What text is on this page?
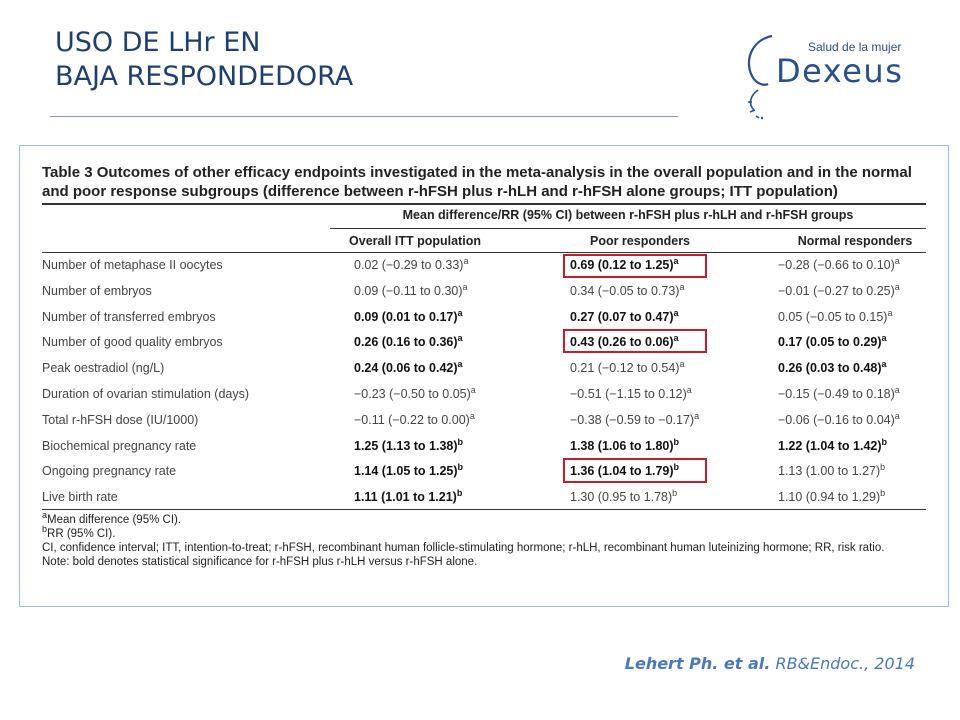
USO DE LHr EN
BAJA RESPONDEDORA
Salud de la mujer
Dexeus
Table 3 Outcomes of other efficacy endpoints investigated in the meta-analysis in the overall population and in the normal and poor response subgroups (difference between r-hFSH plus r-hLH and r-hFSH alone groups; ITT population)
Mean difference/RR (95% CI) between r-hFSH plus r-hLH and r-hFSH groups
Overall ITT population	Poor responders	Normal responders
Number of metaphase II oocytes	0.02 (−0.29 to 0.33)$^a$	0.69 (0.12 to 1.25)$^a$	−0.28 (−0.66 to 0.10)$^a$
Number of embryos	0.09 (−0.11 to 0.30)$^a$	0.34 (−0.05 to 0.73)$^a$	−0.01 (−0.27 to 0.25)$^a$
Number of transferred embryos	0.09 (0.01 to 0.17)$^a$	0.27 (0.07 to 0.47)$^a$	0.05 (−0.05 to 0.15)$^a$
Number of good quality embryos	0.26 (0.16 to 0.36)$^a$	0.43 (0.26 to 0.06)$^a$	0.17 (0.05 to 0.29)$^a$
Peak oestradiol (ng/L)	0.24 (0.06 to 0.42)$^a$	0.21 (−0.12 to 0.54)$^a$	0.26 (0.03 to 0.48)$^a$
Duration of ovarian stimulation (days)	−0.23 (−0.50 to 0.05)$^a$	−0.51 (−1.15 to 0.12)$^a$	−0.15 (−0.49 to 0.18)$^a$
Total r-hFSH dose (IU/1000)	−0.11 (−0.22 to 0.00)$^a$	−0.38 (−0.59 to −0.17)$^a$	−0.06 (−0.16 to 0.04)$^a$
Biochemical pregnancy rate	1.25 (1.13 to 1.38)$^b$	1.38 (1.06 to 1.80)$^b$	1.22 (1.04 to 1.42)$^b$
Ongoing pregnancy rate	1.14 (1.05 to 1.25)$^b$	1.36 (1.04 to 1.79)$^b$	1.13 (1.00 to 1.27)$^b$
Live birth rate	1.11 (1.01 to 1.21)$^b$	1.30 (0.95 to 1.78)$^b$	1.10 (0.94 to 1.29)$^b$
$^a$Mean difference (95% CI).
$^b$RR (95% CI).
CI, confidence interval; ITT, intention-to-treat; r-hFSH, recombinant human follicle-stimulating hormone; r-hLH, recombinant human luteinizing hormone; RR, risk ratio.
Note: bold denotes statistical significance for r-hFSH plus r-hLH versus r-hFSH alone.
Lehert Ph. et al. RB&Endoc., 2014
